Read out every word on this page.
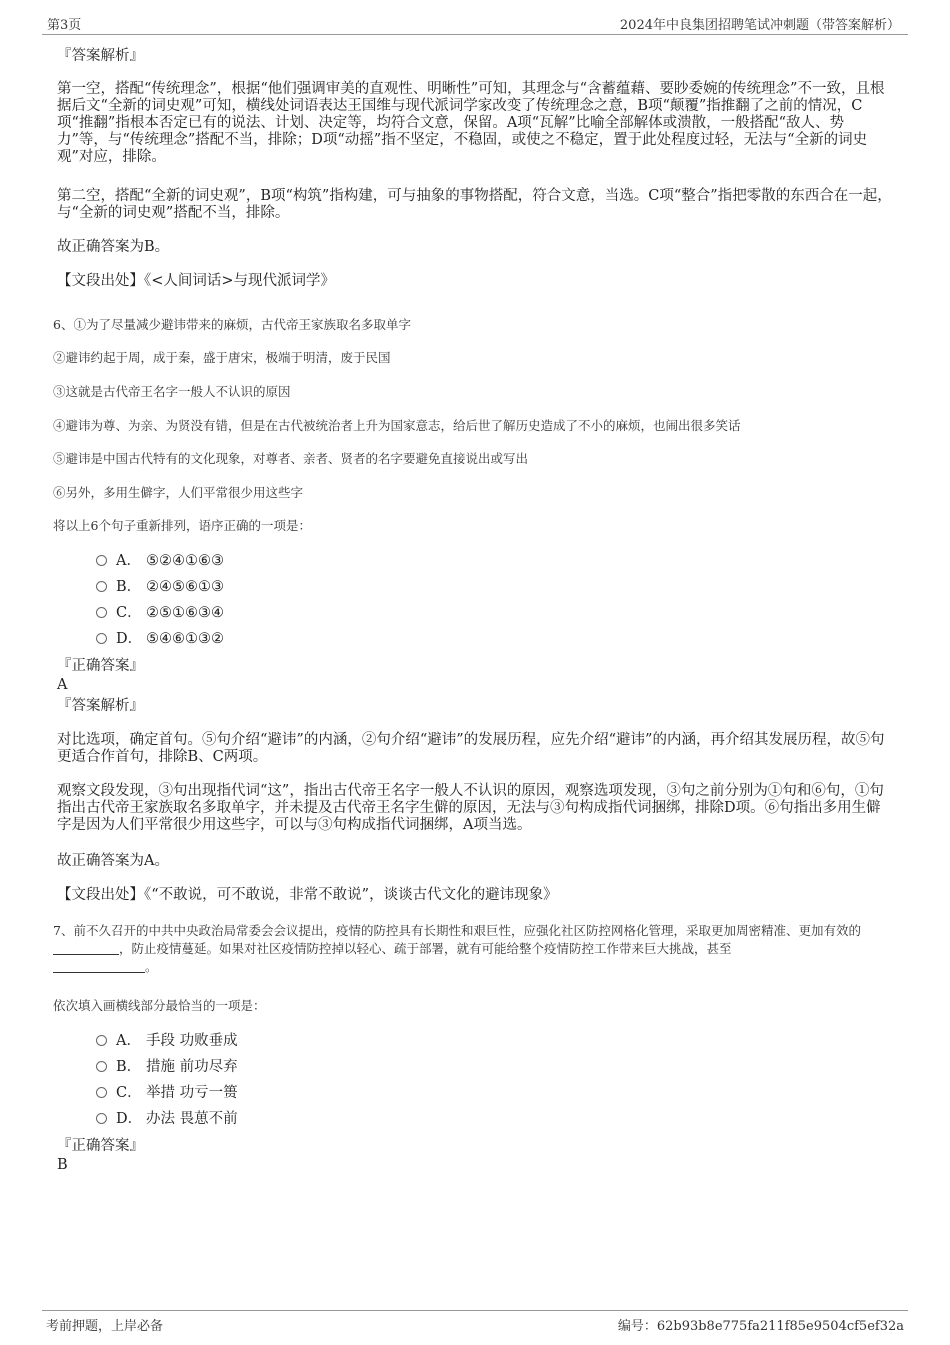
第3页	2024年中良集团招聘笔试冲刺题（带答案解析）

『答案解析』

第一空，搭配“传统理念”，根据“他们强调审美的直观性、明晰性”可知，其理念与“含蓄蕴藉、要眇委婉的传统理念”不一致，且根据后文“全新的词史观”可知，横线处词语表达王国维与现代派词学家改变了传统理念之意，B项“颠覆”指推翻了之前的情况，C项“推翻”指根本否定已有的说法、计划、决定等，均符合文意，保留。A项“瓦解”比喻全部解体或溃散，一般搭配“敌人、势力”等，与“传统理念”搭配不当，排除；D项“动摇”指不坚定，不稳固，或使之不稳定，置于此处程度过轻，无法与“全新的词史观”对应，排除。

第二空，搭配“全新的词史观”，B项“构筑”指构建，可与抽象的事物搭配，符合文意，当选。C项“整合”指把零散的东西合在一起，与“全新的词史观”搭配不当，排除。

故正确答案为B。

【文段出处】《<人间词话>与现代派词学》

6、①为了尽量减少避讳带来的麻烦，古代帝王家族取名多取单字

②避讳约起于周，成于秦，盛于唐宋，极端于明清，废于民国

③这就是古代帝王名字一般人不认识的原因

④避讳为尊、为亲、为贤没有错，但是在古代被统治者上升为国家意志，给后世了解历史造成了不小的麻烦，也闹出很多笑话

⑤避讳是中国古代特有的文化现象，对尊者、亲者、贤者的名字要避免直接说出或写出

⑥另外，多用生僻字，人们平常很少用这些字

将以上6个句子重新排列，语序正确的一项是：

A． ⑤②④①⑥③
B． ②④⑤⑥①③
C． ②⑤①⑥③④
D． ⑤④⑥①③②

『正确答案』

A

『答案解析』

对比选项，确定首句。⑤句介绍“避讳”的内涵，②句介绍“避讳”的发展历程，应先介绍“避讳”的内涵，再介绍其发展历程，故⑤句更适合作首句，排除B、C两项。

观察文段发现，③句出现指代词“这”，指出古代帝王名字一般人不认识的原因，观察选项发现，③句之前分别为①句和⑥句，①句指出古代帝王家族取名多取单字，并未提及古代帝王名字生僻的原因，无法与③句构成指代词捆绑，排除D项。⑥句指出多用生僻字是因为人们平常很少用这些字，可以与③句构成指代词捆绑，A项当选。

故正确答案为A。

【文段出处】《“不敢说，可不敢说，非常不敢说”，谈谈古代文化的避讳现象》

7、前不久召开的中共中央政治局常委会会议提出，疫情的防控具有长期性和艰巨性，应强化社区防控网格化管理，采取更加周密精准、更加有效的 ，防止疫情蔓延。如果对社区疫情防控掉以轻心、疏于部署，就有可能给整个疫情防控工作带来巨大挑战，甚至
。

依次填入画横线部分最恰当的一项是：

A． 手段 功败垂成
B． 措施 前功尽弃
C． 举措 功亏一篑
D． 办法 畏葸不前

『正确答案』

B

考前押题，上岸必备	编号：62b93b8e775fa211f85e9504cf5ef32a
